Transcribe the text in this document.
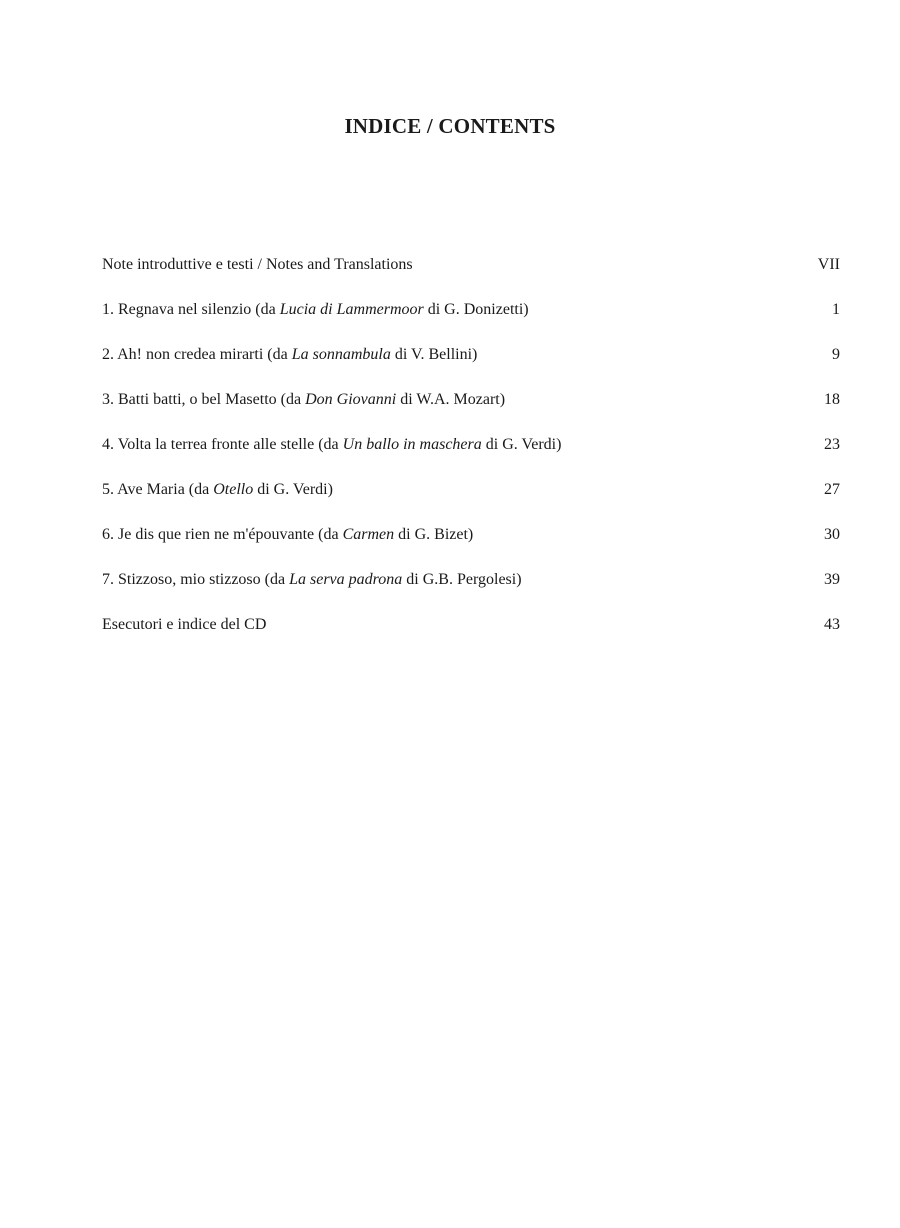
INDICE / CONTENTS
Note introduttive e testi / Notes and Translations	VII
1. Regnava nel silenzio (da Lucia di Lammermoor di G. Donizetti)	1
2. Ah! non credea mirarti (da La sonnambula di V. Bellini)	9
3. Batti batti, o bel Masetto (da Don Giovanni di W.A. Mozart)	18
4. Volta la terrea fronte alle stelle (da Un ballo in maschera di G. Verdi)	23
5. Ave Maria (da Otello di G. Verdi)	27
6. Je dis que rien ne m'épouvante (da Carmen di G. Bizet)	30
7. Stizzoso, mio stizzoso (da La serva padrona di G.B. Pergolesi)	39
Esecutori e indice del CD	43
